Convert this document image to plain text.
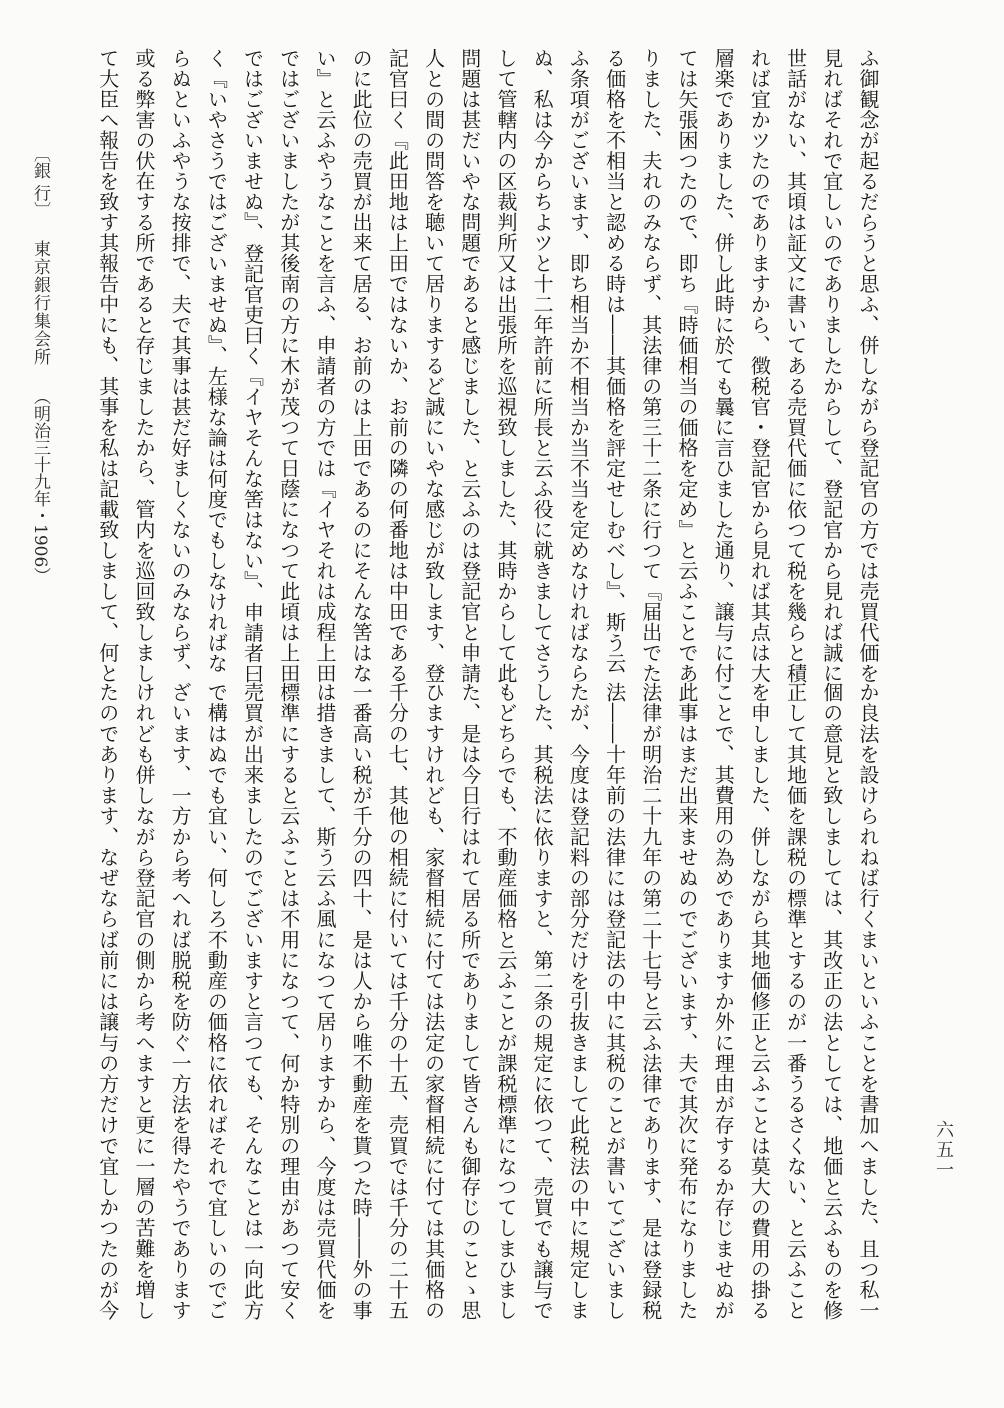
ふ御観念が起るだらうと思ふ、併しながら登記官の方では売買代価を

見ればそれで宜しいのでありましたからして、登記官から見れば誠に

世話がない、其頃は証文に書いてある売買代価に依つて税を幾らと積

れば宜かツたのでありますから、徴税官・登記官から見れば其点は大

層楽でありました、併し此時に於ても曩に言ひました通り、譲与に付

ては矢張困つたので、即ち『時価相当の価格を定め』と云ふことであ

りました、夫れのみならず、其法律の第三十二条に行つて『届出でた

る価格を不相当と認める時は――其価格を評定せしむべし』、斯う云

ふ条項がございます、即ち相当か不相当か当不当を定めなければなら

ぬ、私は今からちよツと十二年許前に所長と云ふ役に就きましてさう

して管轄内の区裁判所又は出張所を巡視致しました、其時からして此

問題は甚だいやな問題であると感じました、と云ふのは登記官と申請

人との間の問答を聴いて居りまするど誠にいやな感じが致します、登

記官曰く『此田地は上田ではないか、お前の隣の何番地は中田である

のに此位の売買が出来て居る、お前のは上田であるのにそんな筈はな

い』と云ふやうなことを言ふ、申請者の方では『イヤそれは成程上田

ではございましたが其後南の方に木が茂つて日蔭になつて此頃は上田

ではございませぬ』、登記官吏曰く『イヤそんな筈はない』、申請者曰

く『いやさうではございませぬ』、左様な論は何度でもしなければな

らぬといふやうな按排で、夫で其事は甚だ好ましくないのみならず、

或る弊害の伏在する所であると存じましたから、管内を巡回致しまし

て大臣へ報告を致す其報告中にも、其事を私は記載致しまして、何と

か良法を設けられねば行くまいといふことを書加へました、且つ私一

個の意見と致しましては、其改正の法としては、地価と云ふものを修

正して其地価を課税の標準とするのが一番うるさくない、と云ふこと

を申しました、併しながら其地価修正と云ふことは莫大の費用の掛る

ことで、其費用の為めでありますか外に理由が存するか存じませぬが

此事はまだ出来ませぬのでございます、夫で其次に発布になりました

法律が明治二十九年の第二十七号と云ふ法律であります、是は登録税

法――十年前の法律には登記法の中に其税のことが書いてございまし

たが、今度は登記料の部分だけを引抜きまして此税法の中に規定しま

した、其税法に依りますと、第二条の規定に依つて、売買でも譲与で

もどちらでも、不動産価格と云ふことが課税標準になつてしまひまし

た、是は今日行はれて居る所でありまして皆さんも御存じのことゝ思

ひますけれども、家督相続に付ては法定の家督相続に付ては其価格の

千分の七、其他の相続に付いては千分の十五、売買では千分の二十五

一番高い税が千分の四十、是は人から唯不動産を貰つた時――外の事

は措きまして、斯う云ふ風になつて居りますから、今度は売買代価を

標準にすると云ふことは不用になつて、何か特別の理由があつて安く

売買が出来ましたのでございますと言つても、そんなことは一向此方

で構はぬでも宜い、何しろ不動産の価格に依ればそれで宜しいのでご

ざいます、一方から考へれば脱税を防ぐ一方法を得たやうであります

けれども併しながら登記官の側から考へますと更に一層の苦難を増し

たのであります、なぜならば前には譲与の方だけで宜しかつたのが今

〔銀 行〕
東京銀行集会所
（明治三十九年・1906）
六五一
